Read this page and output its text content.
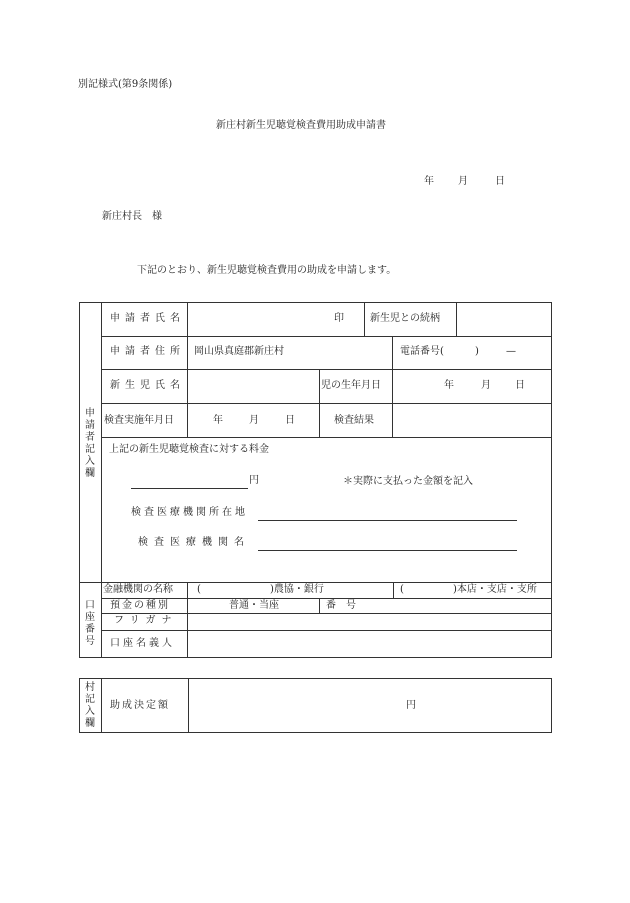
別記様式(第9条関係)
新庄村新生児聴覚検査費用助成申請書
年 月	日
新庄村長　様
下記のとおり、新生児聴覚検査費用の助成を申請します。
申請者記入欄
申請者氏名	印	新生児との続柄
申請者住所 岡山県真庭郡新庄村	電話番号(	)	—
新生児氏名	児の生年月日	年	月 日
検査実施年月日	年	月	日	検査結果
上記の新生児聴覚検査に対する料金
円	＊実際に支払った金額を記入
検査医療機関所在地
検査医療機関名
口座番号
金融機関の名称 (	)農協・銀行	(	)本店・支店・支所
預金の種別	普通・当座	番　号
フリガナ
口座名義人
村記入欄
助成決定額	円
